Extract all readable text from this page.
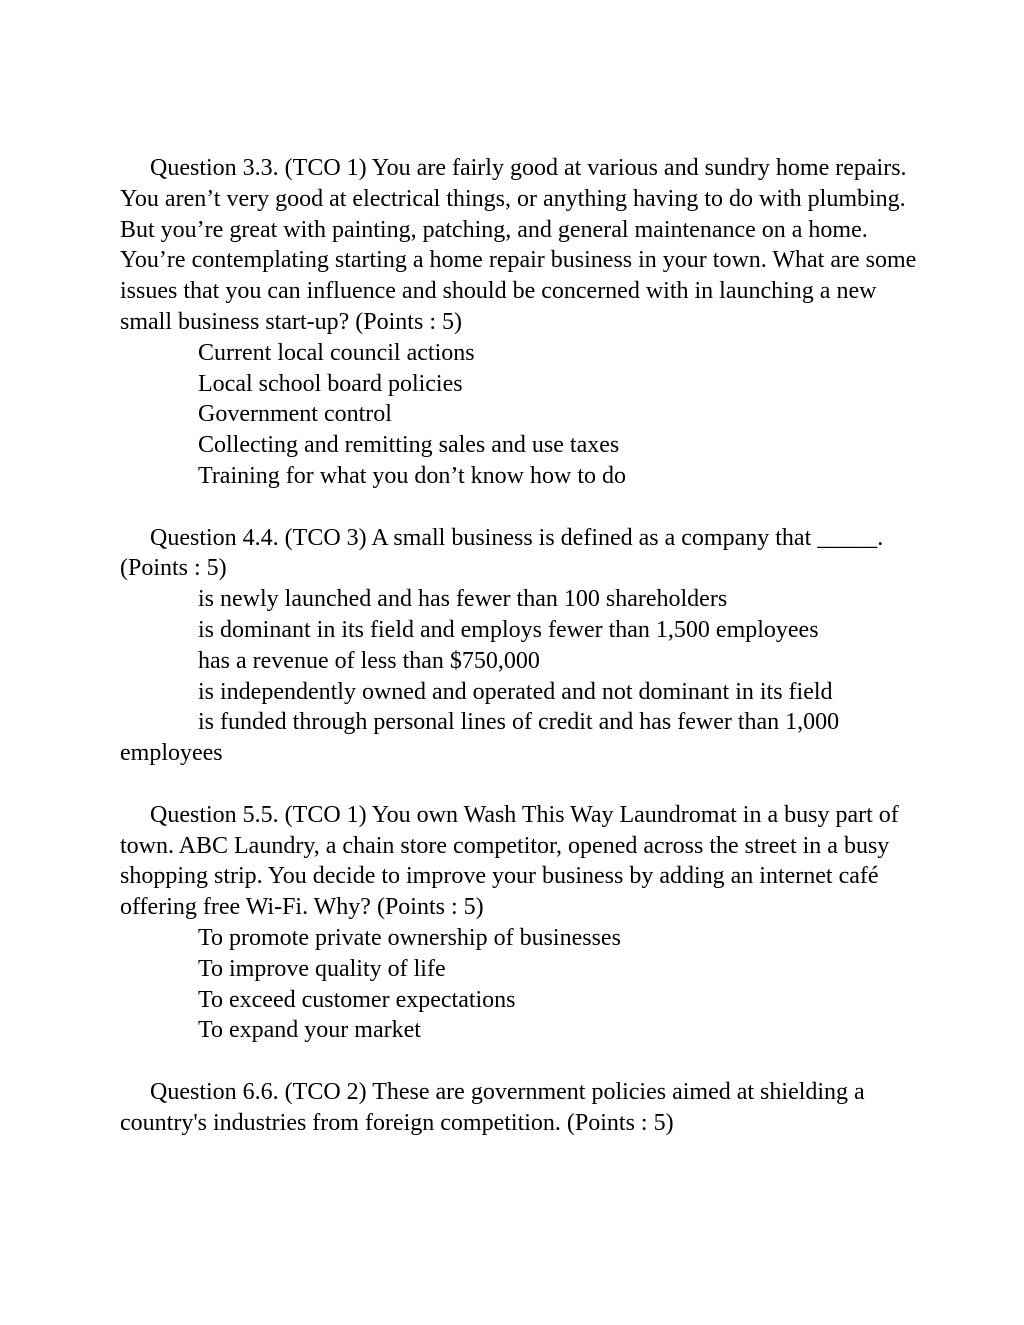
Question 3.3. (TCO 1) You are fairly good at various and sundry home repairs. You aren’t very good at electrical things, or anything having to do with plumbing. But you’re great with painting, patching, and general maintenance on a home. You’re contemplating starting a home repair business in your town. What are some issues that you can influence and should be concerned with in launching a new small business start-up? (Points : 5)

Current local council actions

Local school board policies

Government control

Collecting and remitting sales and use taxes

Training for what you don’t know how to do

Question 4.4. (TCO 3) A small business is defined as a company that _____. (Points : 5)

is newly launched and has fewer than 100 shareholders

is dominant in its field and employs fewer than 1,500 employees

has a revenue of less than $750,000

is independently owned and operated and not dominant in its field

is funded through personal lines of credit and has fewer than 1,000 employees

Question 5.5. (TCO 1) You own Wash This Way Laundromat in a busy part of town. ABC Laundry, a chain store competitor, opened across the street in a busy shopping strip. You decide to improve your business by adding an internet café offering free Wi-Fi. Why? (Points : 5)

To promote private ownership of businesses

To improve quality of life

To exceed customer expectations

To expand your market

Question 6.6. (TCO 2) These are government policies aimed at shielding a country's industries from foreign competition. (Points : 5)
